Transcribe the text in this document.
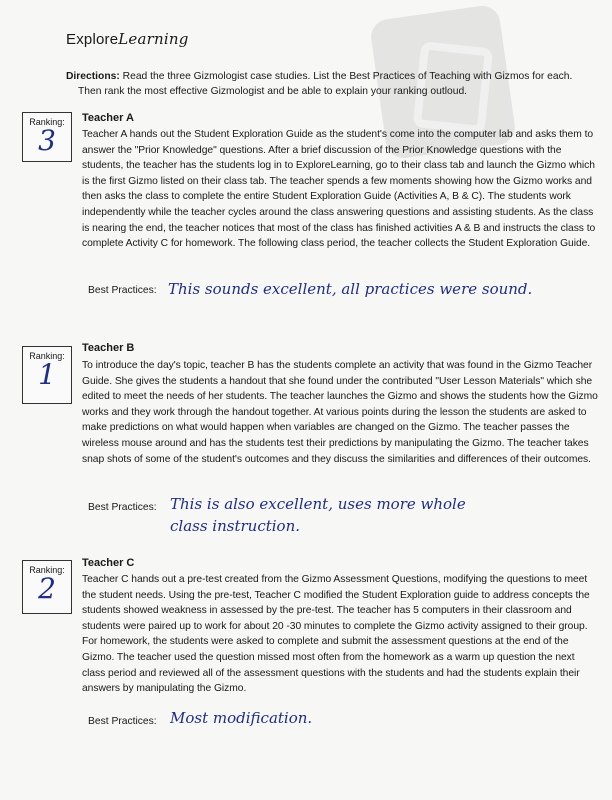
ExploreLearning
Directions: Read the three Gizmologist case studies. List the Best Practices of Teaching with Gizmos for each.
Then rank the most effective Gizmologist and be able to explain your ranking outloud.
Ranking:
3
Teacher A

Teacher A hands out the Student Exploration Guide as the student's come into the computer lab and asks them to answer the "Prior Knowledge" questions. After a brief discussion of the Prior Knowledge questions with the students, the teacher has the students log in to ExploreLearning, go to their class tab and launch the Gizmo which is the first Gizmo listed on their class tab. The teacher spends a few moments showing how the Gizmo works and then asks the class to complete the entire Student Exploration Guide (Activities A, B & C). The students work independently while the teacher cycles around the class answering questions and assisting students. As the class is nearing the end, the teacher notices that most of the class has finished activities A & B and instructs the class to complete Activity C for homework. The following class period, the teacher collects the Student Exploration Guide.

Best Practices: This sounds excellent, all practices were sound.
Ranking:
1
Teacher B

To introduce the day's topic, teacher B has the students complete an activity that was found in the Gizmo Teacher Guide. She gives the students a handout that she found under the contributed "User Lesson Materials" which she edited to meet the needs of her students. The teacher launches the Gizmo and shows the students how the Gizmo works and they work through the handout together. At various points during the lesson the students are asked to make predictions on what would happen when variables are changed on the Gizmo. The teacher passes the wireless mouse around and has the students test their predictions by manipulating the Gizmo. The teacher takes snap shots of some of the student's outcomes and they discuss the similarities and differences of their outcomes.

Best Practices: This is also excellent, uses more whole class instruction.
Ranking:
2
Teacher C

Teacher C hands out a pre-test created from the Gizmo Assessment Questions, modifying the questions to meet the student needs. Using the pre-test, Teacher C modified the Student Exploration guide to address concepts the students showed weakness in assessed by the pre-test. The teacher has 5 computers in their classroom and students were paired up to work for about 20 -30 minutes to complete the Gizmo activity assigned to their group. For homework, the students were asked to complete and submit the assessment questions at the end of the Gizmo. The teacher used the question missed most often from the homework as a warm up question the next class period and reviewed all of the assessment questions with the students and had the students explain their answers by manipulating the Gizmo.

Best Practices: Most modification.
